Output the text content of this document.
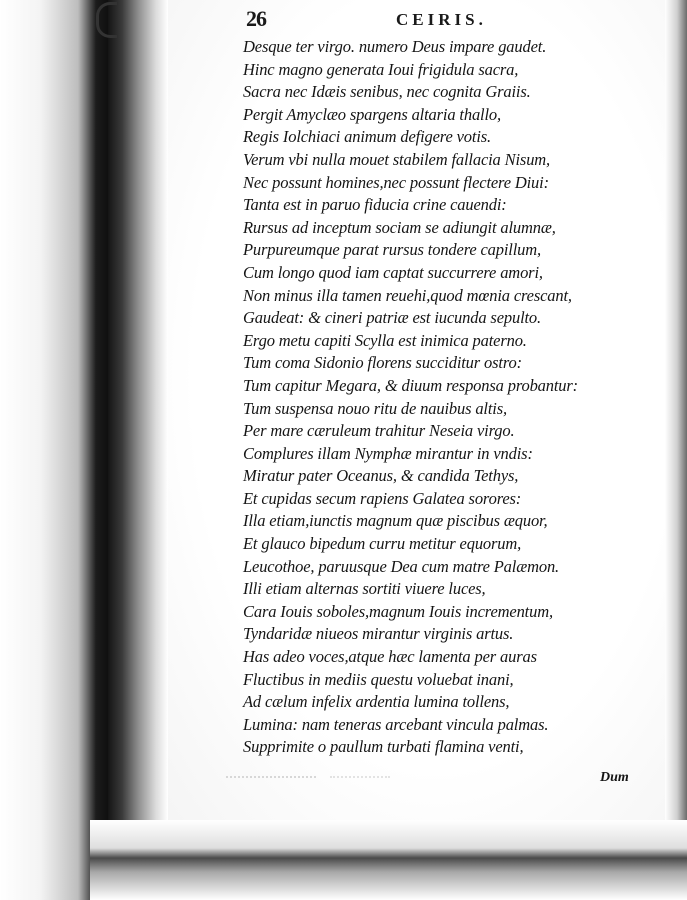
26	CEIRIS.
Desque ter virgo. numero Deus impare gaudet.
Hinc magno generata Ioui frigidula sacra,
Sacra nec Idæis senibus, nec cognita Graiis.
Pergit Amyclæo spargens altaria thallo,
Regis Iolchiaci animum defigere votis.
Verum vbi nulla mouet stabilem fallacia Nisum,
Nec possunt homines,nec possunt flectere Diui:
Tanta est in paruo fiducia crine cauendi:
Rursus ad inceptum sociam se adiungit alumnæ,
Purpureumque parat rursus tondere capillum,
Cum longo quod iam captat succurrere amori,
Non minus illa tamen reuehi,quod mœnia crescant,
Gaudeat: & cineri patriæ est iucunda sepulto.
Ergo metu capiti Scylla est inimica paterno.
Tum coma Sidonio florens succiditur ostro:
Tum capitur Megara, & diuum responsa probantur:
Tum suspensa nouo ritu de nauibus altis,
Per mare cæruleum trahitur Neseia virgo.
Complures illam Nymphæ mirantur in vndis:
Miratur pater Oceanus, & candida Tethys,
Et cupidas secum rapiens Galatea sorores:
Illa etiam,iunctis magnum quæ piscibus æquor,
Et glauco bipedum curru metitur equorum,
Leucothoe, paruusque Dea cum matre Palæmon.
Illi etiam alternas sortiti viuere luces,
Cara Iouis soboles,magnum Iouis incrementum,
Tyndaridæ niueos mirantur virginis artus.
Has adeo voces,atque hæc lamenta per auras
Fluctibus in mediis questu voluebat inani,
Ad cælum infelix ardentia lumina tollens,
Lumina: nam teneras arcebant vincula palmas.
Supprimite o paullum turbati flamina venti,
Dum
